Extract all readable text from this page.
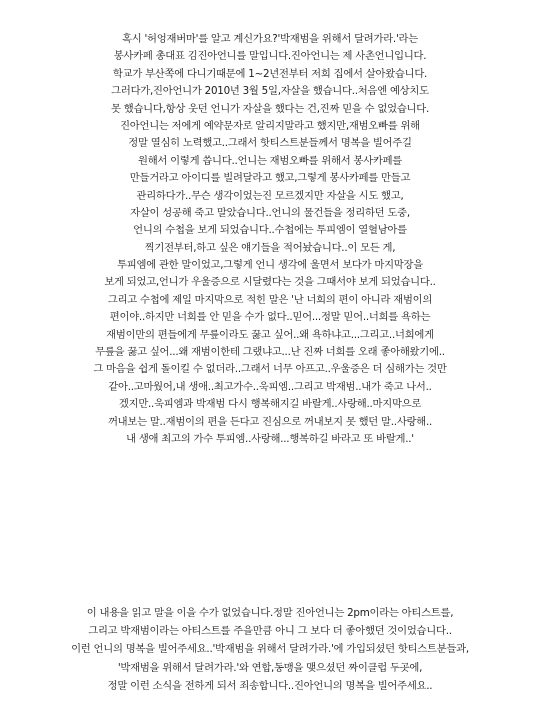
혹시 '허엉재버마'를 알고 계신가요?'박재범을 위해서 달려가라.'라는
봉사카페 총대표 김진아언니를 말입니다.진아언니는 제 사촌언니입니다.
학교가 부산쪽에 다니기때문에 1~2년전부터 저희 집에서 살아왔습니다.
그러다가,진아언니가 2010년 3월 5일,자살을 했습니다..처음엔 예상치도
못 했습니다,항상 웃던 언니가 자살을 했다는 건,진짜 믿을 수 없었습니다.
진아언니는 저에게 예약문자로 알리지말라고 했지만,재범오빠를 위해
정말 열심히 노력했고..그래서 핫티스트분들께서 명복을 빌어주길
원해서 이렇게 씁니다..언니는 재범오빠를 위해서 봉사카페를
만들거라고 아이디를 빌려달라고 했고,그렇게 봉사카페를 만들고
관리하다가..무슨 생각이었는진 모르겠지만 자살을 시도 했고,
자살이 성공해 죽고 말았습니다..언니의 물건들을 정리하던 도중,
언니의 수첩을 보게 되었습니다..수첩에는 투피엠이 열혈남아를
찍기전부터,하고 싶은 얘기들을 적어놨습니다..이 모든 게,
투피엠에 관한 말이었고,그렇게 언니 생각에 울면서 보다가 마지막장을
보게 되었고,언니가 우울증으로 시달렸다는 것을 그때서야 보게 되었습니다..
그리고 수첩에 제일 마지막으로 적힌 말은 '난 너희의 편이 아니라 재범이의
편이야..하지만 너희를 안 믿을 수가 없다..믿어...정말 믿어..너희를 욕하는
재범이만의 편들에게 무릎이라도 꿇고 싶어..왜 욕하냐고...그리고..너희에게
무릎을 꿇고 싶어...왜 재범이한테 그랬냐고...난 진짜 너희를 오래 좋아해왔기에..
그 마음을 쉽게 돌이킬 수 없더라..그래서 너무 아프고..우울증은 더 심해가는 것만
같아..고마웠어,내 생애..최고가수..욱피엠..그리고 박재범..내가 죽고 나서..
겠지만..욱피엠과 박재범 다시 행복해지길 바랄게..사랑해..마지막으로
꺼내보는 말..재범이의 편을 든다고 진심으로 꺼내보지 못 했던 말..사랑해..
내 생애 최고의 가수 투피엠..사랑해...행복하길 바라고 또 바랄게..'
이 내용을 읽고 말을 이을 수가 없었습니다.정말 진아언니는 2pm이라는 아티스트를,
그리고 박재범이라는 아티스트를 주을만큼 아니 그 보다 더 좋아했던 것이었습니다..
이런 언니의 명복을 빌어주세요..'박재범을 위해서 달려가라.'에 가입되셨던 핫티스트분들과,
'박재범을 위해서 달려가라.'와 연합,동맹을 맺으셨던 짜이클럽 두곳에,
정말 이런 소식을 전하게 되서 죄송합니다..진아언니의 명복을 빌어주세요..
